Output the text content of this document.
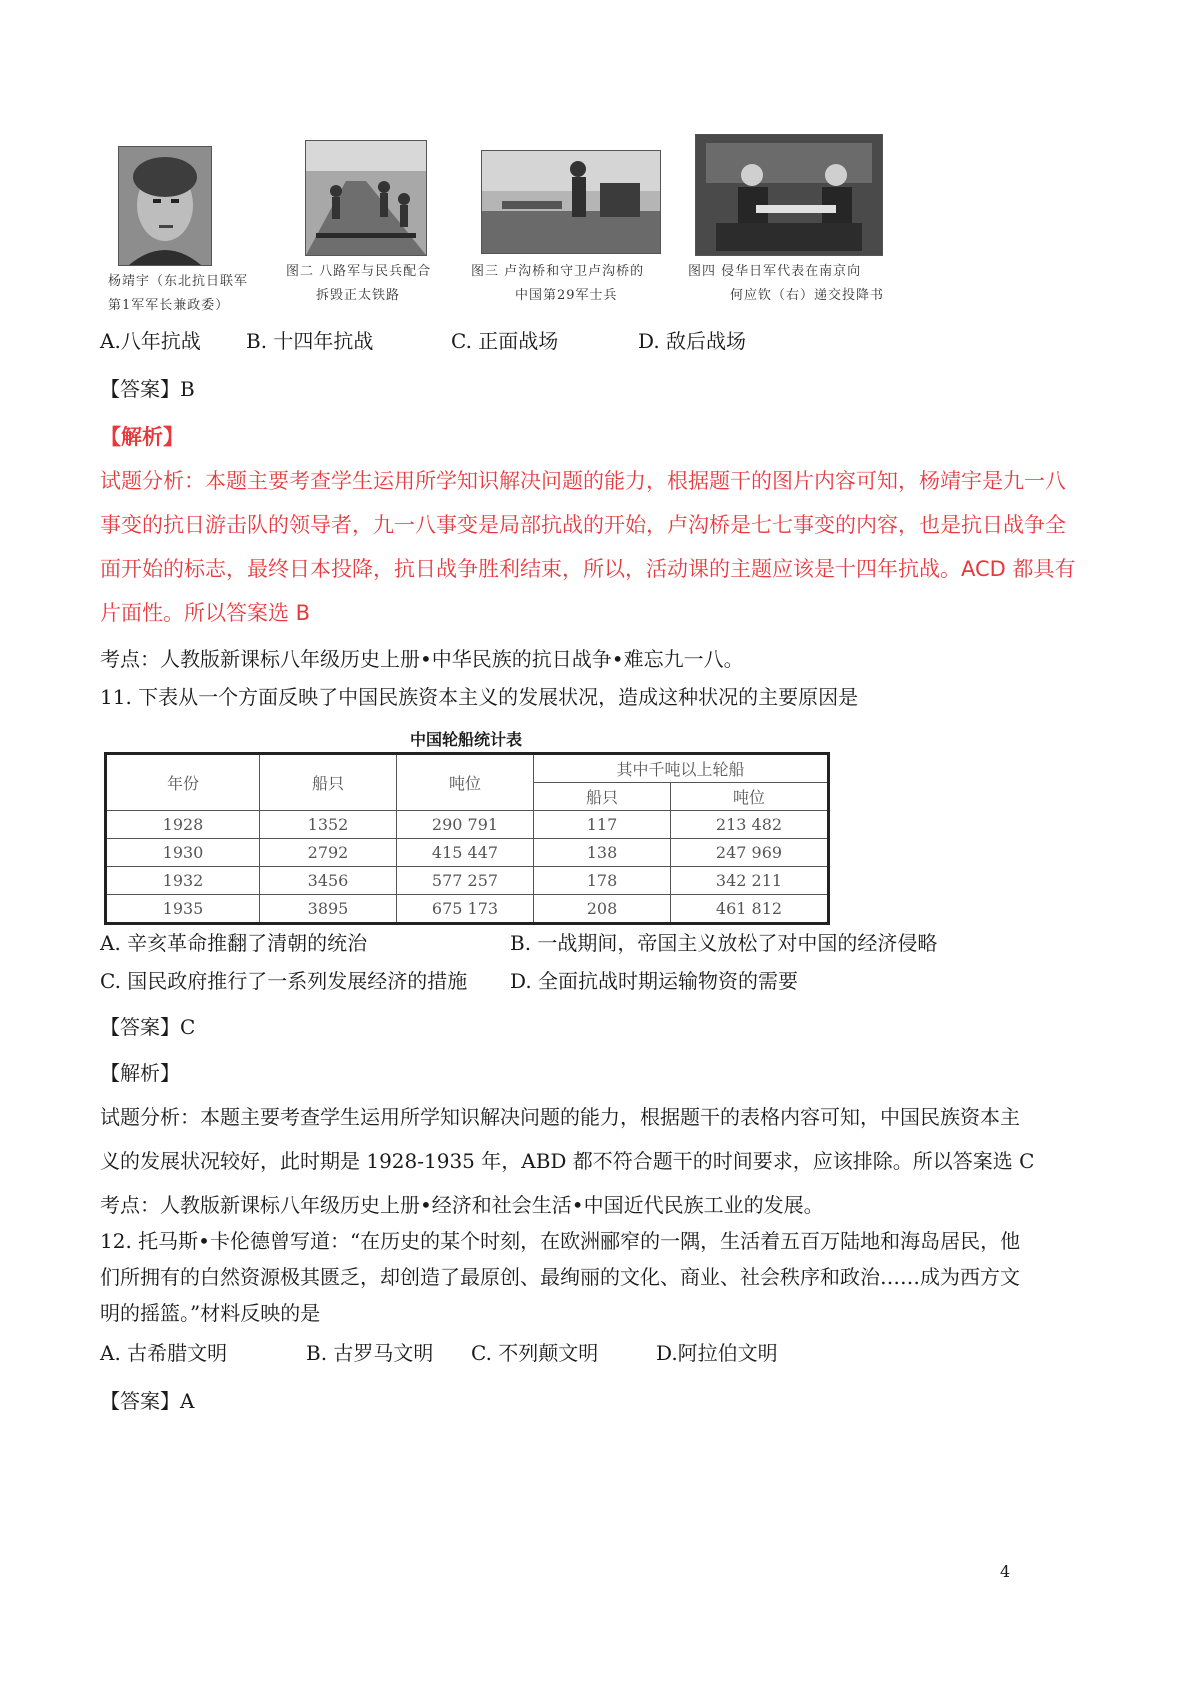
杨靖宇（东北抗日联军
第1军军长兼政委）
图二 八路军与民兵配合
拆毁正太铁路
图三 卢沟桥和守卫卢沟桥的
中国第29军士兵
图四 侵华日军代表在南京向
何应钦（右）递交投降书
A.八年抗战 B. 十四年抗战	C. 正面战场	D. 敌后战场
【答案】B
【解析】
试题分析：本题主要考查学生运用所学知识解决问题的能力，根据题干的图片内容可知，杨靖宇是九一八
事变的抗日游击队的领导者，九一八事变是局部抗战的开始，卢沟桥是七七事变的内容，也是抗日战争全
面开始的标志，最终日本投降，抗日战争胜利结束，所以，活动课的主题应该是十四年抗战。ACD 都具有
片面性。所以答案选 B
考点：人教版新课标八年级历史上册•中华民族的抗日战争•难忘九一八。
11. 下表从一个方面反映了中国民族资本主义的发展状况，造成这种状况的主要原因是
中国轮船统计表
年份	船只	吨位	其中千吨以上轮船	
			船只	吨位
1928	1352	290 791	117	213 482
1930	2792	415 447	138	247 969
1932	3456	577 257	178	342 211
1935	3895	675 173	208	461 812
A. 辛亥革命推翻了清朝的统治	B. 一战期间，帝国主义放松了对中国的经济侵略
C. 国民政府推行了一系列发展经济的措施 D. 全面抗战时期运输物资的需要
【答案】C
【解析】
试题分析：本题主要考查学生运用所学知识解决问题的能力，根据题干的表格内容可知，中国民族资本主
义的发展状况较好，此时期是 1928-1935 年，ABD 都不符合题干的时间要求，应该排除。所以答案选 C
考点：人教版新课标八年级历史上册•经济和社会生活•中国近代民族工业的发展。
12. 托马斯•卡伦德曾写道：“在历史的某个时刻，在欧洲郦窄的一隅，生活着五百万陆地和海岛居民，他
们所拥有的白然资源极其匮乏，却创造了最原创、最绚丽的文化、商业、社会秩序和政治……成为西方文
明的摇篮。”材料反映的是
A. 古希腊文明	B. 古罗马文明 C. 不列颠文明	D.阿拉伯文明
【答案】A
4
